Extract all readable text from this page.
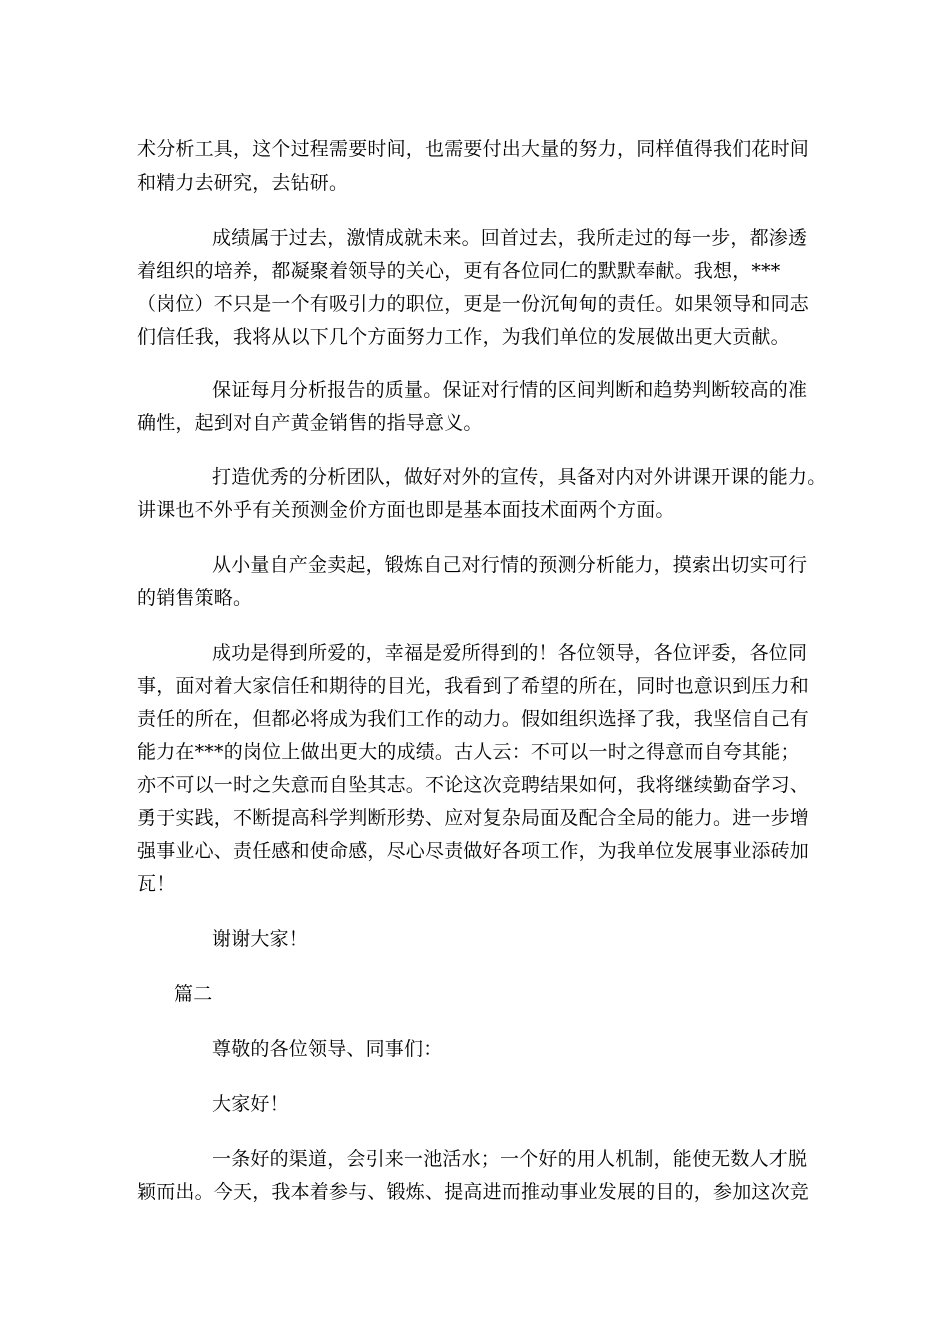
术分析工具，这个过程需要时间，也需要付出大量的努力，同样值得我们花时间
和精力去研究，去钻研。
成绩属于过去，激情成就未来。回首过去，我所走过的每一步，都渗透
着组织的培养，都凝聚着领导的关心，更有各位同仁的默默奉献。我想，***
（岗位）不只是一个有吸引力的职位，更是一份沉甸甸的责任。如果领导和同志
们信任我，我将从以下几个方面努力工作，为我们单位的发展做出更大贡献。
保证每月分析报告的质量。保证对行情的区间判断和趋势判断较高的准
确性，起到对自产黄金销售的指导意义。
打造优秀的分析团队，做好对外的宣传，具备对内对外讲课开课的能力。
讲课也不外乎有关预测金价方面也即是基本面技术面两个方面。
从小量自产金卖起，锻炼自己对行情的预测分析能力，摸索出切实可行
的销售策略。
成功是得到所爱的，幸福是爱所得到的！各位领导，各位评委，各位同
事，面对着大家信任和期待的目光，我看到了希望的所在，同时也意识到压力和
责任的所在，但都必将成为我们工作的动力。假如组织选择了我，我坚信自己有
能力在***的岗位上做出更大的成绩。古人云：不可以一时之得意而自夸其能；
亦不可以一时之失意而自坠其志。不论这次竞聘结果如何，我将继续勤奋学习、
勇于实践，不断提高科学判断形势、应对复杂局面及配合全局的能力。进一步增
强事业心、责任感和使命感，尽心尽责做好各项工作，为我单位发展事业添砖加
瓦！
谢谢大家！
篇二
尊敬的各位领导、同事们：
大家好！
一条好的渠道，会引来一池活水；一个好的用人机制，能使无数人才脱
颖而出。今天，我本着参与、锻炼、提高进而推动事业发展的目的，参加这次竞
